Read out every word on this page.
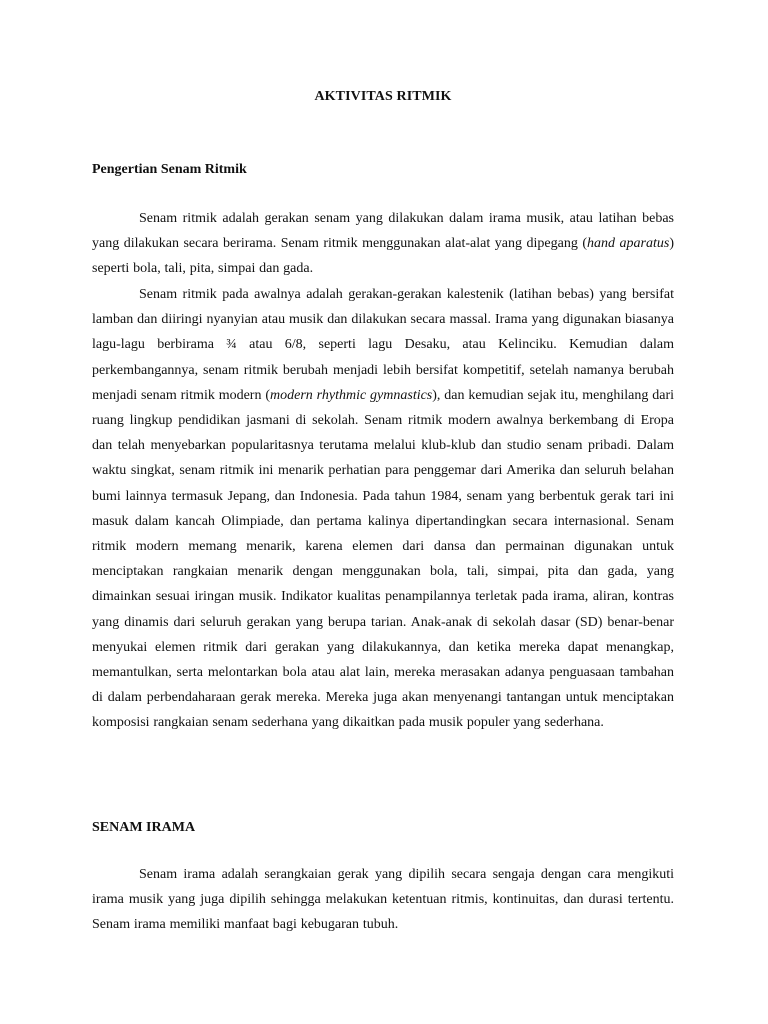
AKTIVITAS RITMIK
Pengertian Senam Ritmik

Senam ritmik adalah gerakan senam yang dilakukan dalam irama musik, atau latihan bebas yang dilakukan secara berirama. Senam ritmik menggunakan alat-alat yang dipegang (hand aparatus) seperti bola, tali, pita, simpai dan gada.

Senam ritmik pada awalnya adalah gerakan-gerakan kalestenik (latihan bebas) yang bersifat lamban dan diiringi nyanyian atau musik dan dilakukan secara massal. Irama yang digunakan biasanya lagu-lagu berbirama ¾ atau 6/8, seperti lagu Desaku, atau Kelinciku. Kemudian dalam perkembangannya, senam ritmik berubah menjadi lebih bersifat kompetitif, setelah namanya berubah menjadi senam ritmik modern (modern rhythmic gymnastics), dan kemudian sejak itu, menghilang dari ruang lingkup pendidikan jasmani di sekolah. Senam ritmik modern awalnya berkembang di Eropa dan telah menyebarkan popularitasnya terutama melalui klub-klub dan studio senam pribadi. Dalam waktu singkat, senam ritmik ini menarik perhatian para penggemar dari Amerika dan seluruh belahan bumi lainnya termasuk Jepang, dan Indonesia. Pada tahun 1984, senam yang berbentuk gerak tari ini masuk dalam kancah Olimpiade, dan pertama kalinya dipertandingkan secara internasional. Senam ritmik modern memang menarik, karena elemen dari dansa dan permainan digunakan untuk menciptakan rangkaian menarik dengan menggunakan bola, tali, simpai, pita dan gada, yang dimainkan sesuai iringan musik. Indikator kualitas penampilannya terletak pada irama, aliran, kontras yang dinamis dari seluruh gerakan yang berupa tarian. Anak-anak di sekolah dasar (SD) benar-benar menyukai elemen ritmik dari gerakan yang dilakukannya, dan ketika mereka dapat menangkap, memantulkan, serta melontarkan bola atau alat lain, mereka merasakan adanya penguasaan tambahan di dalam perbendaharaan gerak mereka. Mereka juga akan menyenangi tantangan untuk menciptakan komposisi rangkaian senam sederhana yang dikaitkan pada musik populer yang sederhana.

SENAM IRAMA

Senam irama adalah serangkaian gerak yang dipilih secara sengaja dengan cara mengikuti irama musik yang juga dipilih sehingga melakukan ketentuan ritmis, kontinuitas, dan durasi tertentu. Senam irama memiliki manfaat bagi kebugaran tubuh.
